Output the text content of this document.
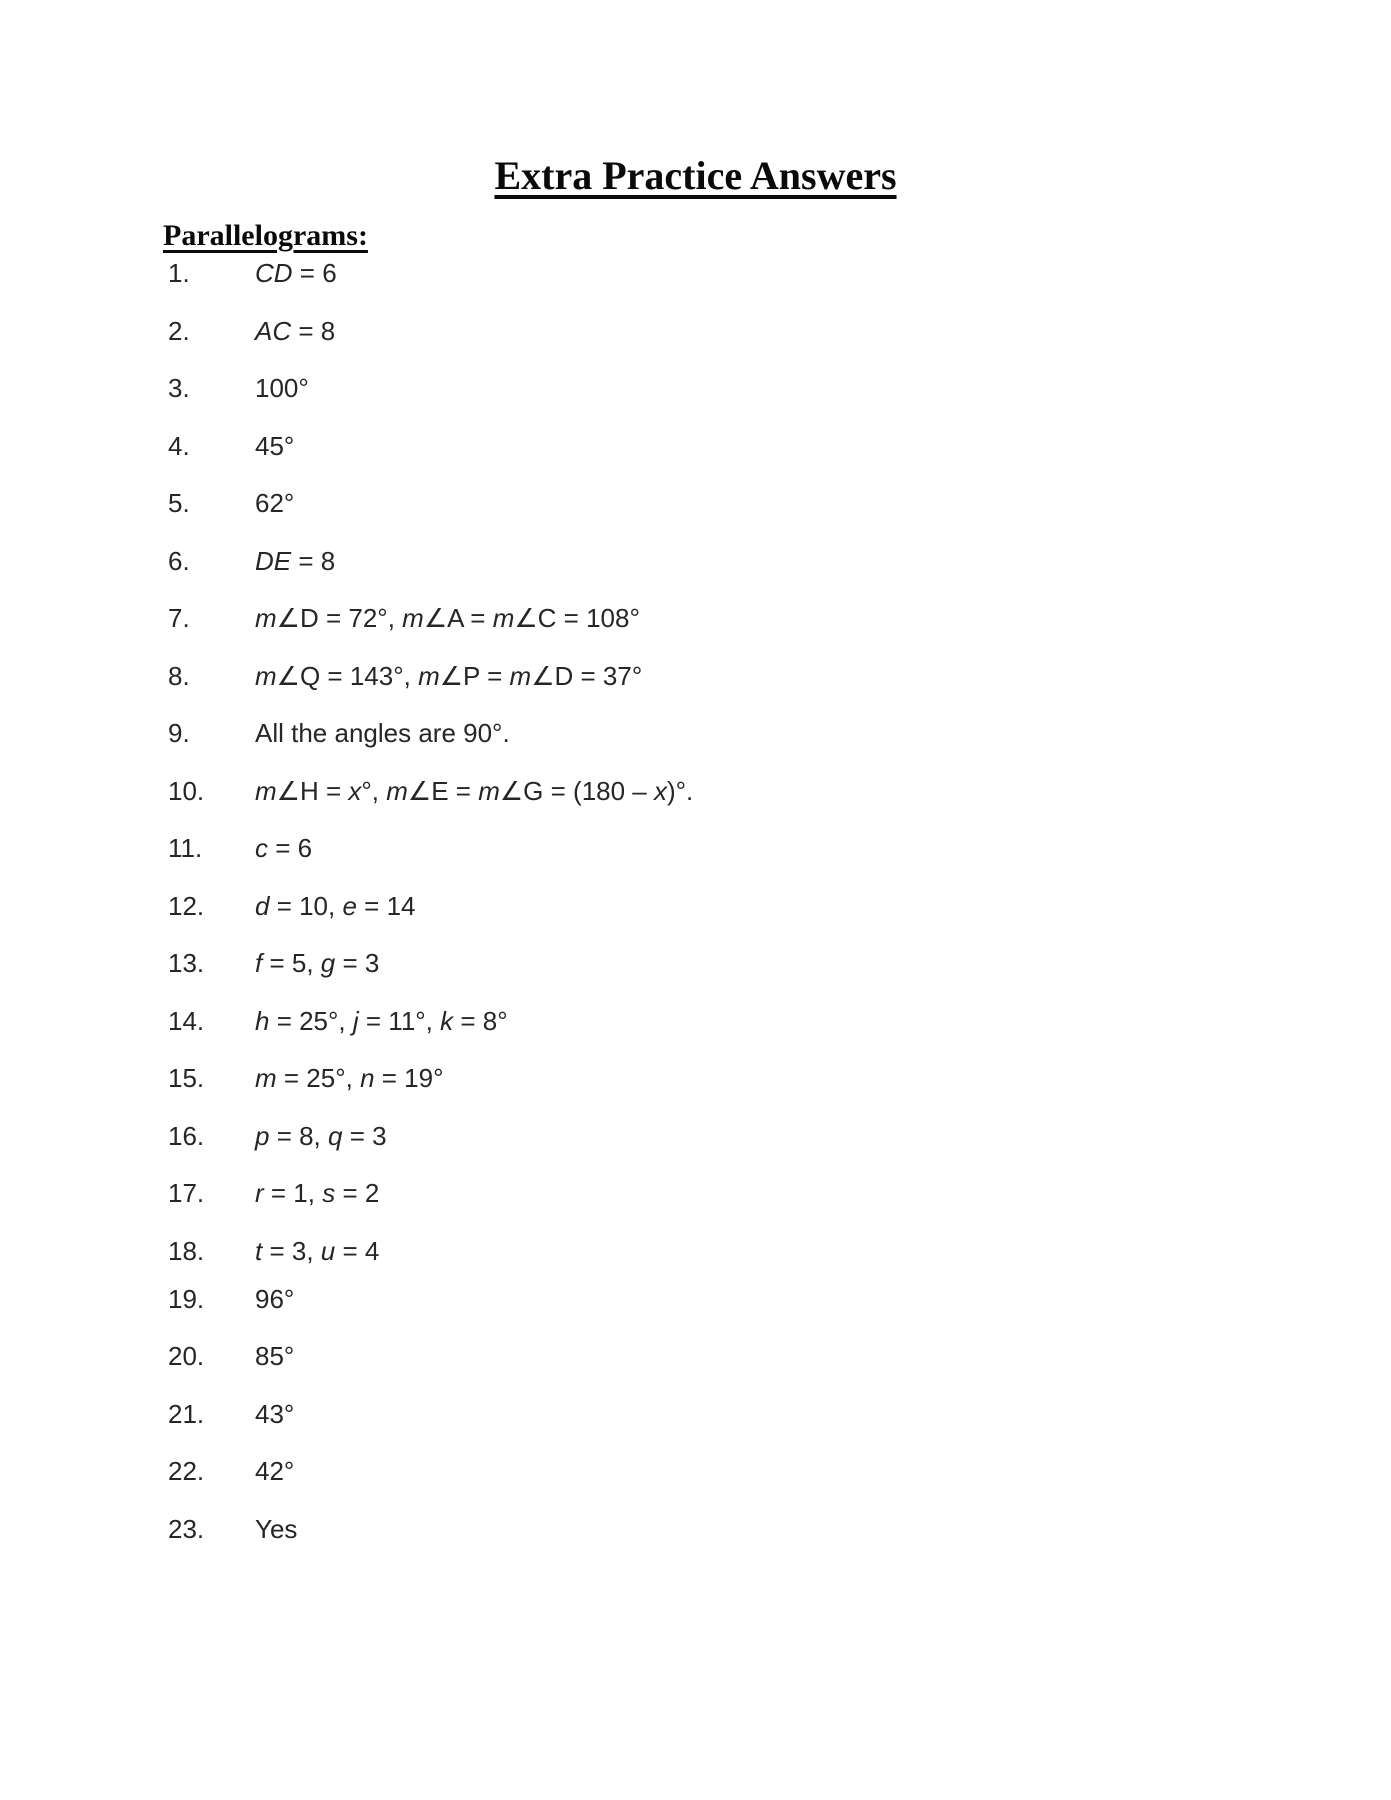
Extra Practice Answers
Parallelograms:
1.	CD = 6
2.	AC = 8
3.	100°
4.	45°
5.	62°
6.	DE = 8
7.	m∠D = 72°, m∠A = m∠C = 108°
8.	m∠Q = 143°, m∠P = m∠D = 37°
9.	All the angles are 90°.
10. m∠H = x°, m∠E = m∠G = (180 – x)°.
11. c = 6
12. d = 10, e = 14
13. f = 5, g = 3
14. h = 25°, j = 11°, k = 8°
15. m = 25°, n = 19°
16. p = 8, q = 3
17. r = 1, s = 2
18. t = 3, u = 4
19. 96°
20. 85°
21. 43°
22. 42°
23. Yes
